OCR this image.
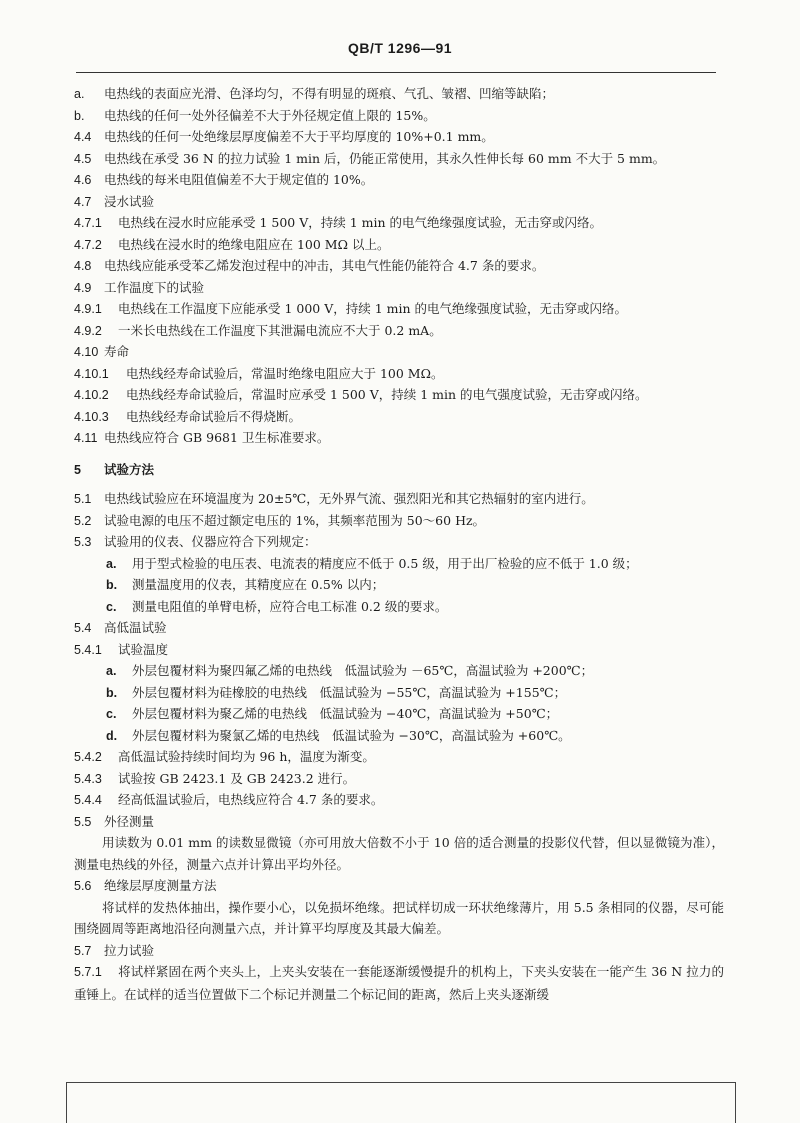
QB/T 1296—91
a. 电热线的表面应光滑、色泽均匀，不得有明显的斑痕、气孔、皱褶、凹缩等缺陷；
b. 电热线的任何一处外径偏差不大于外径规定值上限的 15%。
4.4 电热线的任何一处绝缘层厚度偏差不大于平均厚度的 10%+0.1 mm。
4.5 电热线在承受 36 N 的拉力试验 1 min 后，仍能正常使用，其永久性伸长每 60 mm 不大于 5 mm。
4.6 电热线的每米电阻值偏差不大于规定值的 10%。
4.7 浸水试验
4.7.1 电热线在浸水时应能承受 1 500 V，持续 1 min 的电气绝缘强度试验，无击穿或闪络。
4.7.2 电热线在浸水时的绝缘电阻应在 100 MΩ 以上。
4.8 电热线应能承受苯乙烯发泡过程中的冲击，其电气性能仍能符合 4.7 条的要求。
4.9 工作温度下的试验
4.9.1 电热线在工作温度下应能承受 1 000 V，持续 1 min 的电气绝缘强度试验，无击穿或闪络。
4.9.2 一米长电热线在工作温度下其泄漏电流应不大于 0.2 mA。
4.10 寿命
4.10.1 电热线经寿命试验后，常温时绝缘电阻应大于 100 MΩ。
4.10.2 电热线经寿命试验后，常温时应承受 1 500 V，持续 1 min 的电气强度试验，无击穿或闪络。
4.10.3 电热线经寿命试验后不得烧断。
4.11 电热线应符合 GB 9681 卫生标准要求。
5 试验方法
5.1 电热线试验应在环境温度为 20±5℃，无外界气流、强烈阳光和其它热辐射的室内进行。
5.2 试验电源的电压不超过额定电压的 1%，其频率范围为 50～60 Hz。
5.3 试验用的仪表、仪器应符合下列规定：
a. 用于型式检验的电压表、电流表的精度应不低于 0.5 级，用于出厂检验的应不低于 1.0 级；
b. 测量温度用的仪表，其精度应在 0.5% 以内；
c. 测量电阻值的单臂电桥，应符合电工标准 0.2 级的要求。
5.4 高低温试验
5.4.1 试验温度
a. 外层包覆材料为聚四氟乙烯的电热线　低温试验为 －65℃，高温试验为 +200℃；
b. 外层包覆材料为硅橡胶的电热线　低温试验为 −55℃，高温试验为 +155℃；
c. 外层包覆材料为聚乙烯的电热线　低温试验为 −40℃，高温试验为 +50℃；
d. 外层包覆材料为聚氯乙烯的电热线　低温试验为 −30℃，高温试验为 +60℃。
5.4.2 高低温试验持续时间均为 96 h，温度为渐变。
5.4.3 试验按 GB 2423.1 及 GB 2423.2 进行。
5.4.4 经高低温试验后，电热线应符合 4.7 条的要求。
5.5 外径测量
用读数为 0.01 mm 的读数显微镜（亦可用放大倍数不小于 10 倍的适合测量的投影仪代替，但以显微镜为准），测量电热线的外径，测量六点并计算出平均外径。
5.6 绝缘层厚度测量方法
将试样的发热体抽出，操作要小心，以免损坏绝缘。把试样切成一环状绝缘薄片，用 5.5 条相同的仪器，尽可能围绕圆周等距离地沿径向测量六点，并计算平均厚度及其最大偏差。
5.7 拉力试验
5.7.1 将试样紧固在两个夹头上，上夹头安装在一套能逐渐缓慢提升的机构上，下夹头安装在一能产生 36 N 拉力的重锤上。在试样的适当位置做下二个标记并测量二个标记间的距离，然后上夹头逐渐缓
